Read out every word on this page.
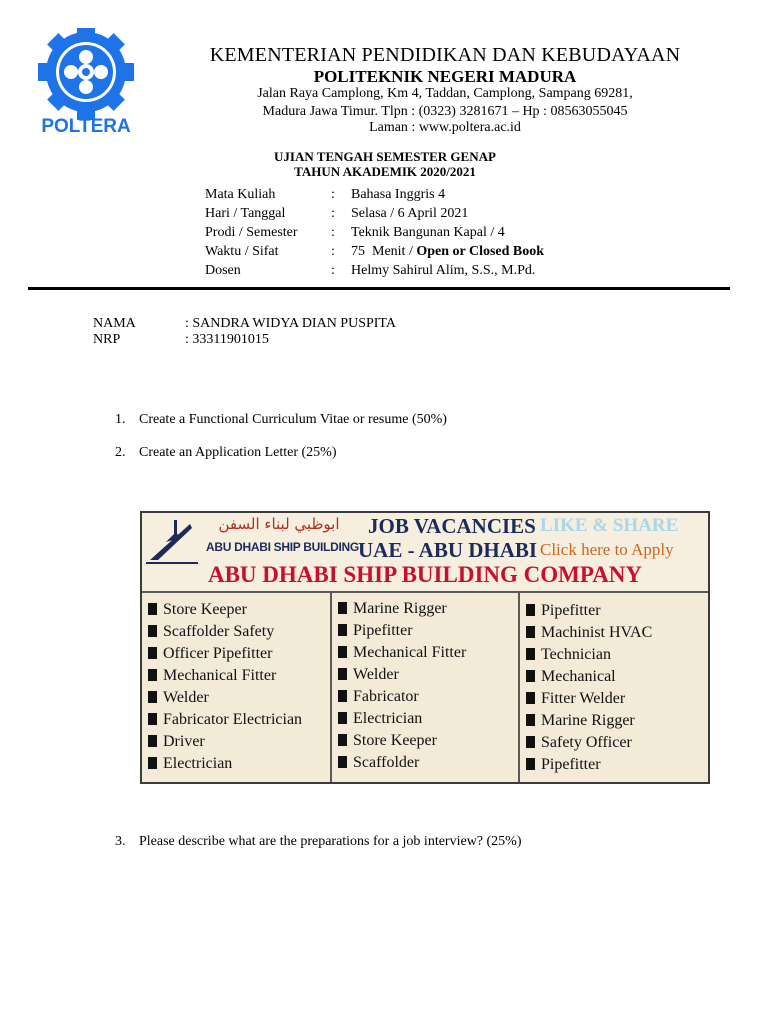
POLTERA
KEMENTERIAN PENDIDIKAN DAN KEBUDAYAAN
POLITEKNIK NEGERI MADURA
Jalan Raya Camplong, Km 4, Taddan, Camplong, Sampang 69281,
Madura Jawa Timur. Tlpn : (0323) 3281671 – Hp : 08563055045
Laman : www.poltera.ac.id
UJIAN TENGAH SEMESTER GENAP
TAHUN AKADEMIK 2020/2021
Mata Kuliah	: Bahasa Inggris 4
Hari / Tanggal	: Selasa / 6 April 2021
Prodi / Semester : Teknik Bangunan Kapal / 4
Waktu / Sifat	: 75  Menit / Open or Closed Book
Dosen	: Helmy Sahirul Alim, S.S., M.Pd.
NAMA	: SANDRA WIDYA DIAN PUSPITA
NRP	: 33311901015
1. Create a Functional Curriculum Vitae or resume (50%)
2. Create an Application Letter (25%)
ابوظبي لبناء السفن
ABU DHABI SHIP BUILDING
JOB VACANCIES LIKE & SHARE
UAE - ABU DHABI Click here to Apply
ABU DHABI SHIP BUILDING COMPANY
Store Keeper
Scaffolder Safety
Officer Pipefitter
Mechanical Fitter
Welder
Fabricator Electrician
Driver
Electrician
Marine Rigger
Pipefitter
Mechanical Fitter
Welder
Fabricator
Electrician
Store Keeper
Scaffolder
Pipefitter
Machinist HVAC
Technician
Mechanical
Fitter Welder
Marine Rigger
Safety Officer
Pipefitter
3. Please describe what are the preparations for a job interview? (25%)
